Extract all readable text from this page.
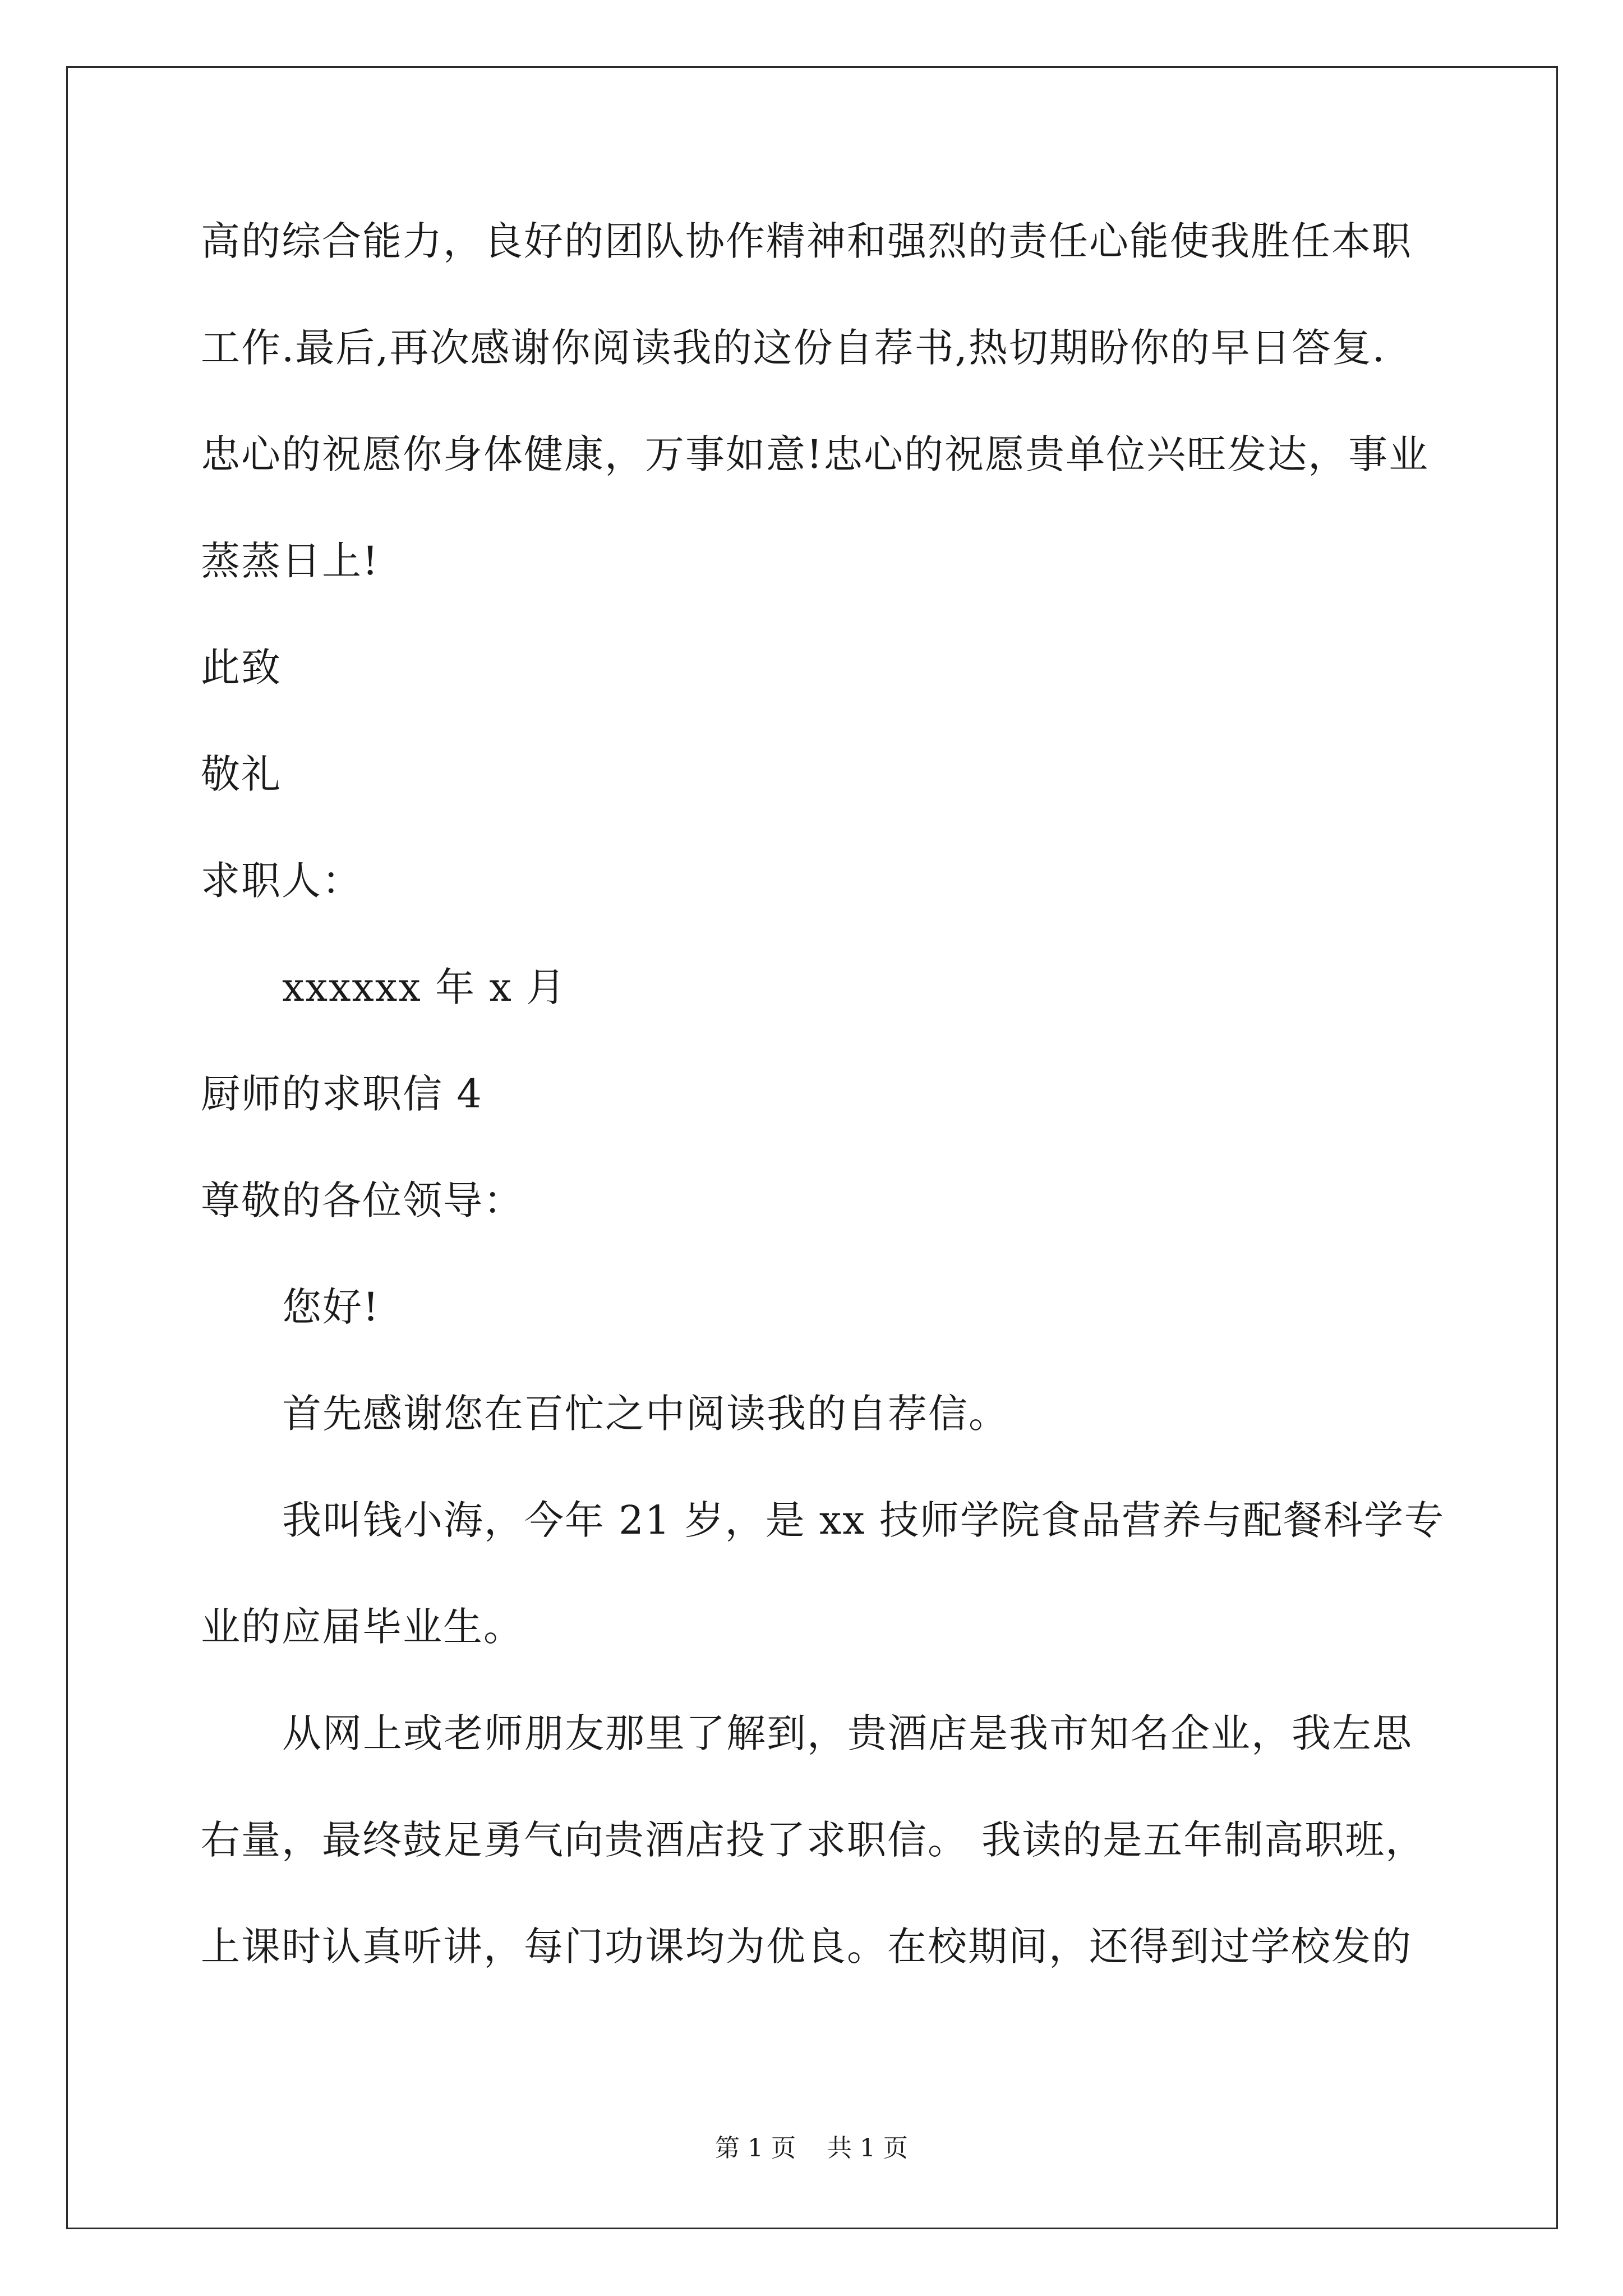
高的综合能力，良好的团队协作精神和强烈的责任心能使我胜任本职
工作.最后,再次感谢你阅读我的这份自荐书,热切期盼你的早日答复.
忠心的祝愿你身体健康，万事如意!忠心的祝愿贵单位兴旺发达，事业
蒸蒸日上!
此致
敬礼
求职人：
xxxxxx 年 x 月
厨师的求职信 4
尊敬的各位领导：
您好!
首先感谢您在百忙之中阅读我的自荐信。
我叫钱小海，今年 21 岁，是 xx 技师学院食品营养与配餐科学专
业的应届毕业生。
从网上或老师朋友那里了解到，贵酒店是我市知名企业，我左思
右量，最终鼓足勇气向贵酒店投了求职信。 我读的是五年制高职班，
上课时认真听讲，每门功课均为优良。在校期间，还得到过学校发的
第 1 页    共 1 页
